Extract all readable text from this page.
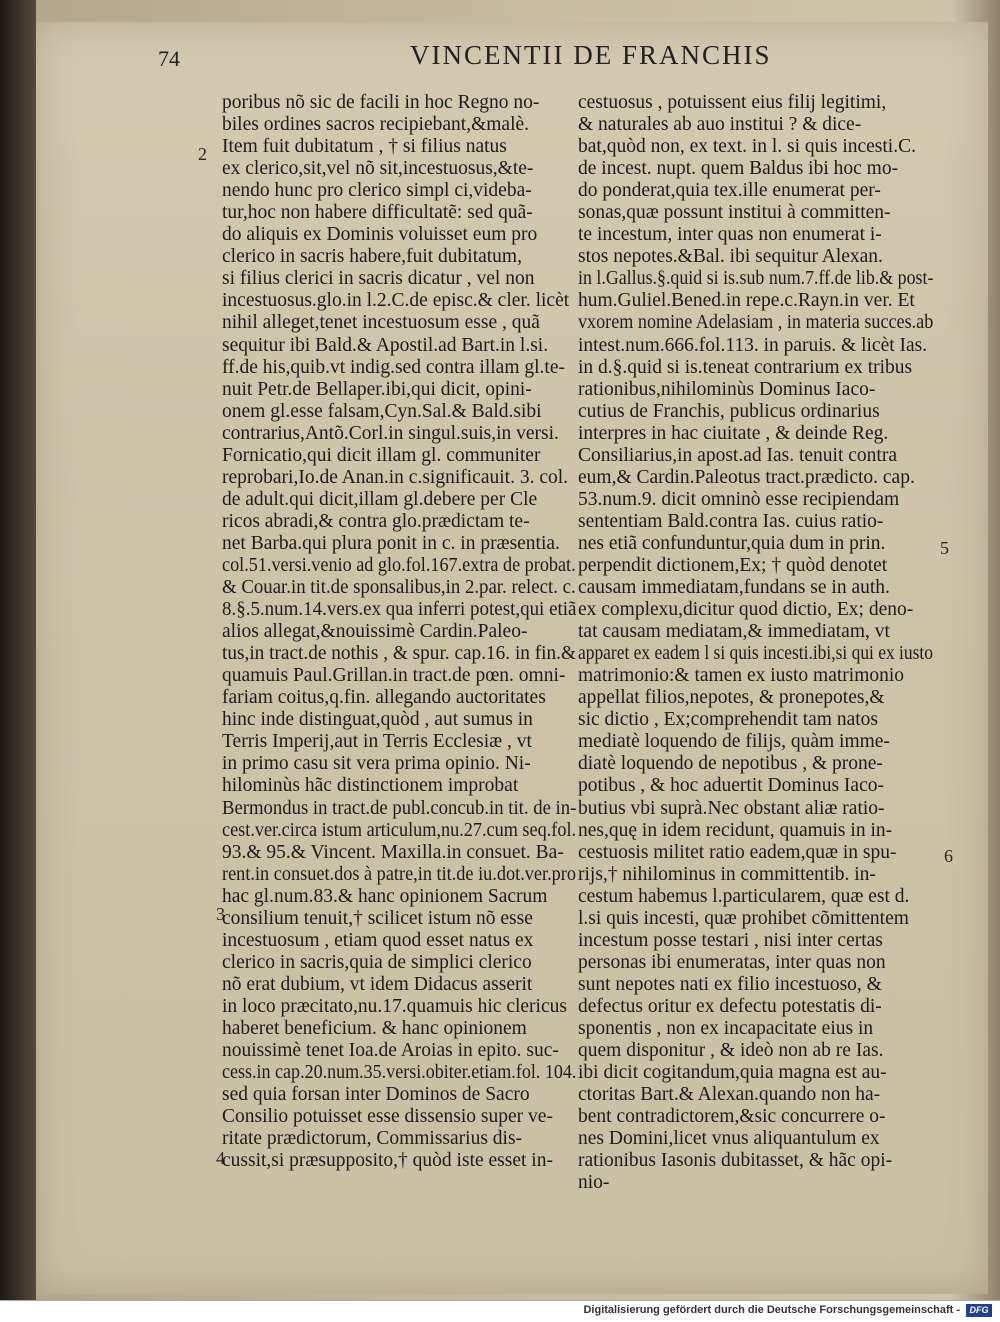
74	VINCENTII DE FRANCHIS
2
3
4
5
6
poribus nõ sic de facili in hoc Regno no-
biles ordines sacros recipiebant,&malè.
Item fuit dubitatum , † si filius natus
ex clerico,sit,vel nõ sit,incestuosus,&te-
nendo hunc pro clerico simpl ci,videba-
tur,hoc non habere difficultatẽ: sed quã-
do aliquis ex Dominis voluisset eum pro
clerico in sacris habere,fuit dubitatum,
si filius clerici in sacris dicatur , vel non
incestuosus.glo.in l.2.C.de episc.& cler. licèt
nihil alleget,tenet incestuosum esse , quã
sequitur ibi Bald.& Apostil.ad Bart.in l.si.
ff.de his,quib.vt indig.sed contra illam gl.te-
nuit Petr.de Bellaper.ibi,qui dicit, opini-
onem gl.esse falsam,Cyn.Sal.& Bald.sibi
contrarius,Antõ.Corl.in singul.suis,in versi.
Fornicatio,qui dicit illam gl. communiter
reprobari,Io.de Anan.in c.significauit. 3. col.
de adult.qui dicit,illam gl.debere per Cle
ricos abradi,& contra glo.prædictam te-
net Barba.qui plura ponit in c. in præsentia.
col.51.versi.venio ad glo.fol.167.extra de probat.
& Couar.in tit.de sponsalibus,in 2.par. relect. c.
8.§.5.num.14.vers.ex qua inferri potest,qui etiã
alios allegat,&nouissimè Cardin.Paleo-
tus,in tract.de nothis , & spur. cap.16. in fin.&
quamuis Paul.Grillan.in tract.de pœn. omni-
fariam coitus,q.fin. allegando auctoritates
hinc inde distinguat,quòd , aut sumus in
Terris Imperij,aut in Terris Ecclesiæ , vt
in primo casu sit vera prima opinio. Ni-
hilominùs hãc distinctionem improbat
Bermondus in tract.de publ.concub.in tit. de in-
cest.ver.circa istum articulum,nu.27.cum seq.fol.
93.& 95.& Vincent. Maxilla.in consuet. Ba-
rent.in consuet.dos à patre,in tit.de iu.dot.ver.pro
hac gl.num.83.& hanc opinionem Sacrum
consilium tenuit,† scilicet istum nõ esse
incestuosum , etiam quod esset natus ex
clerico in sacris,quia de simplici clerico
nõ erat dubium, vt idem Didacus asserit
in loco præcitato,nu.17.quamuis hic clericus
haberet beneficium. & hanc opinionem
nouissimè tenet Ioa.de Aroias in epito. suc-
cess.in cap.20.num.35.versi.obiter.etiam.fol. 104.
sed quia forsan inter Dominos de Sacro
Consilio potuisset esse dissensio super ve-
ritate prædictorum, Commissarius dis-
cussit,si præsupposito,† quòd iste esset in-
cestuosus , potuissent eius filij legitimi,
& naturales ab auo institui ? & dice-
bat,quòd non, ex text. in l. si quis incesti.C.
de incest. nupt. quem Baldus ibi hoc mo-
do ponderat,quia tex.ille enumerat per-
sonas,quæ possunt institui à committen-
te incestum, inter quas non enumerat i-
stos nepotes.&Bal. ibi sequitur Alexan.
in l.Gallus.§.quid si is.sub num.7.ff.de lib.& post-
hum.Guliel.Bened.in repe.c.Rayn.in ver. Et
vxorem nomine Adelasiam , in materia succes.ab
intest.num.666.fol.113. in paruis. & licèt Ias.
in d.§.quid si is.teneat contrarium ex tribus
rationibus,nihilominùs Dominus Iaco-
cutius de Franchis, publicus ordinarius
interpres in hac ciuitate , & deinde Reg.
Consiliarius,in apost.ad Ias. tenuit contra
eum,& Cardin.Paleotus tract.prædicto. cap.
53.num.9. dicit omninò esse recipiendam
sententiam Bald.contra Ias. cuius ratio-
nes etiã confunduntur,quia dum in prin.
perpendit dictionem,Ex; † quòd denotet
causam immediatam,fundans se in auth.
ex complexu,dicitur quod dictio, Ex; deno-
tat causam mediatam,& immediatam, vt
apparet ex eadem l si quis incesti.ibi,si qui ex iusto
matrimonio:& tamen ex iusto matrimonio
appellat filios,nepotes, & pronepotes,&
sic dictio , Ex;comprehendit tam natos
mediatè loquendo de filijs, quàm imme-
diatè loquendo de nepotibus , & prone-
potibus , & hoc aduertit Dominus Iaco-
butius vbi suprà.Nec obstant aliæ ratio-
nes,quę in idem recidunt, quamuis in in-
cestuosis militet ratio eadem,quæ in spu-
rijs,† nihilominus in committentib. in-
cestum habemus l.particularem, quæ est d.
l.si quis incesti, quæ prohibet cõmittentem
incestum posse testari , nisi inter certas
personas ibi enumeratas, inter quas non
sunt nepotes nati ex filio incestuoso, &
defectus oritur ex defectu potestatis di-
sponentis , non ex incapacitate eius in
quem disponitur , & ideò non ab re Ias.
ibi dicit cogitandum,quia magna est au-
ctoritas Bart.& Alexan.quando non ha-
bent contradictorem,&sic concurrere o-
nes Domini,licet vnus aliquantulum ex
rationibus Iasonis dubitasset, & hãc opi-
nio-
Digitalisierung gefördert durch die Deutsche Forschungsgemeinschaft -	DFG
